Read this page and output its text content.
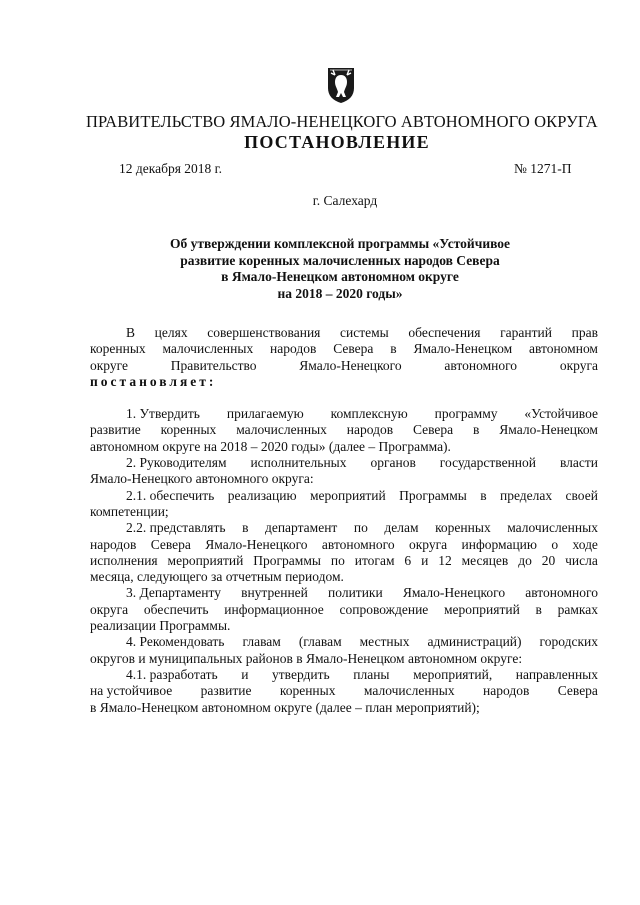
ПРАВИТЕЛЬСТВО ЯМАЛО-НЕНЕЦКОГО АВТОНОМНОГО ОКРУГА
ПОСТАНОВЛЕНИЕ
12 декабря 2018 г.	№ 1271-П
г. Салехард
Об утверждении комплексной программы «Устойчивое
развитие коренных малочисленных народов Севера
в Ямало-Ненецком автономном округе
на 2018 – 2020 годы»
В целях совершенствования системы обеспечения гарантий прав
коренных малочисленных народов Севера в Ямало-Ненецком автономном
округе	Правительство	Ямало-Ненецкого	автономного	округа
постановляет:
1. Утвердить прилагаемую комплексную программу «Устойчивое
развитие коренных малочисленных народов Севера в Ямало-Ненецком
автономном округе на 2018 – 2020 годы» (далее – Программа).
2. Руководителям исполнительных органов государственной власти
Ямало-Ненецкого автономного округа:
2.1. обеспечить реализацию мероприятий Программы в пределах своей
компетенции;
2.2. представлять в департамент по делам коренных малочисленных
народов Севера Ямало-Ненецкого автономного округа информацию о ходе
исполнения мероприятий Программы по итогам 6 и 12 месяцев до 20 числа
месяца, следующего за отчетным периодом.
3. Департаменту внутренней политики Ямало-Ненецкого автономного
округа обеспечить информационное сопровождение мероприятий в рамках
реализации Программы.
4. Рекомендовать главам (главам местных администраций) городских
округов и муниципальных районов в Ямало-Ненецком автономном округе:
4.1. разработать и утвердить планы мероприятий, направленных
на устойчивое развитие коренных малочисленных народов Севера
в Ямало-Ненецком автономном округе (далее – план мероприятий);
